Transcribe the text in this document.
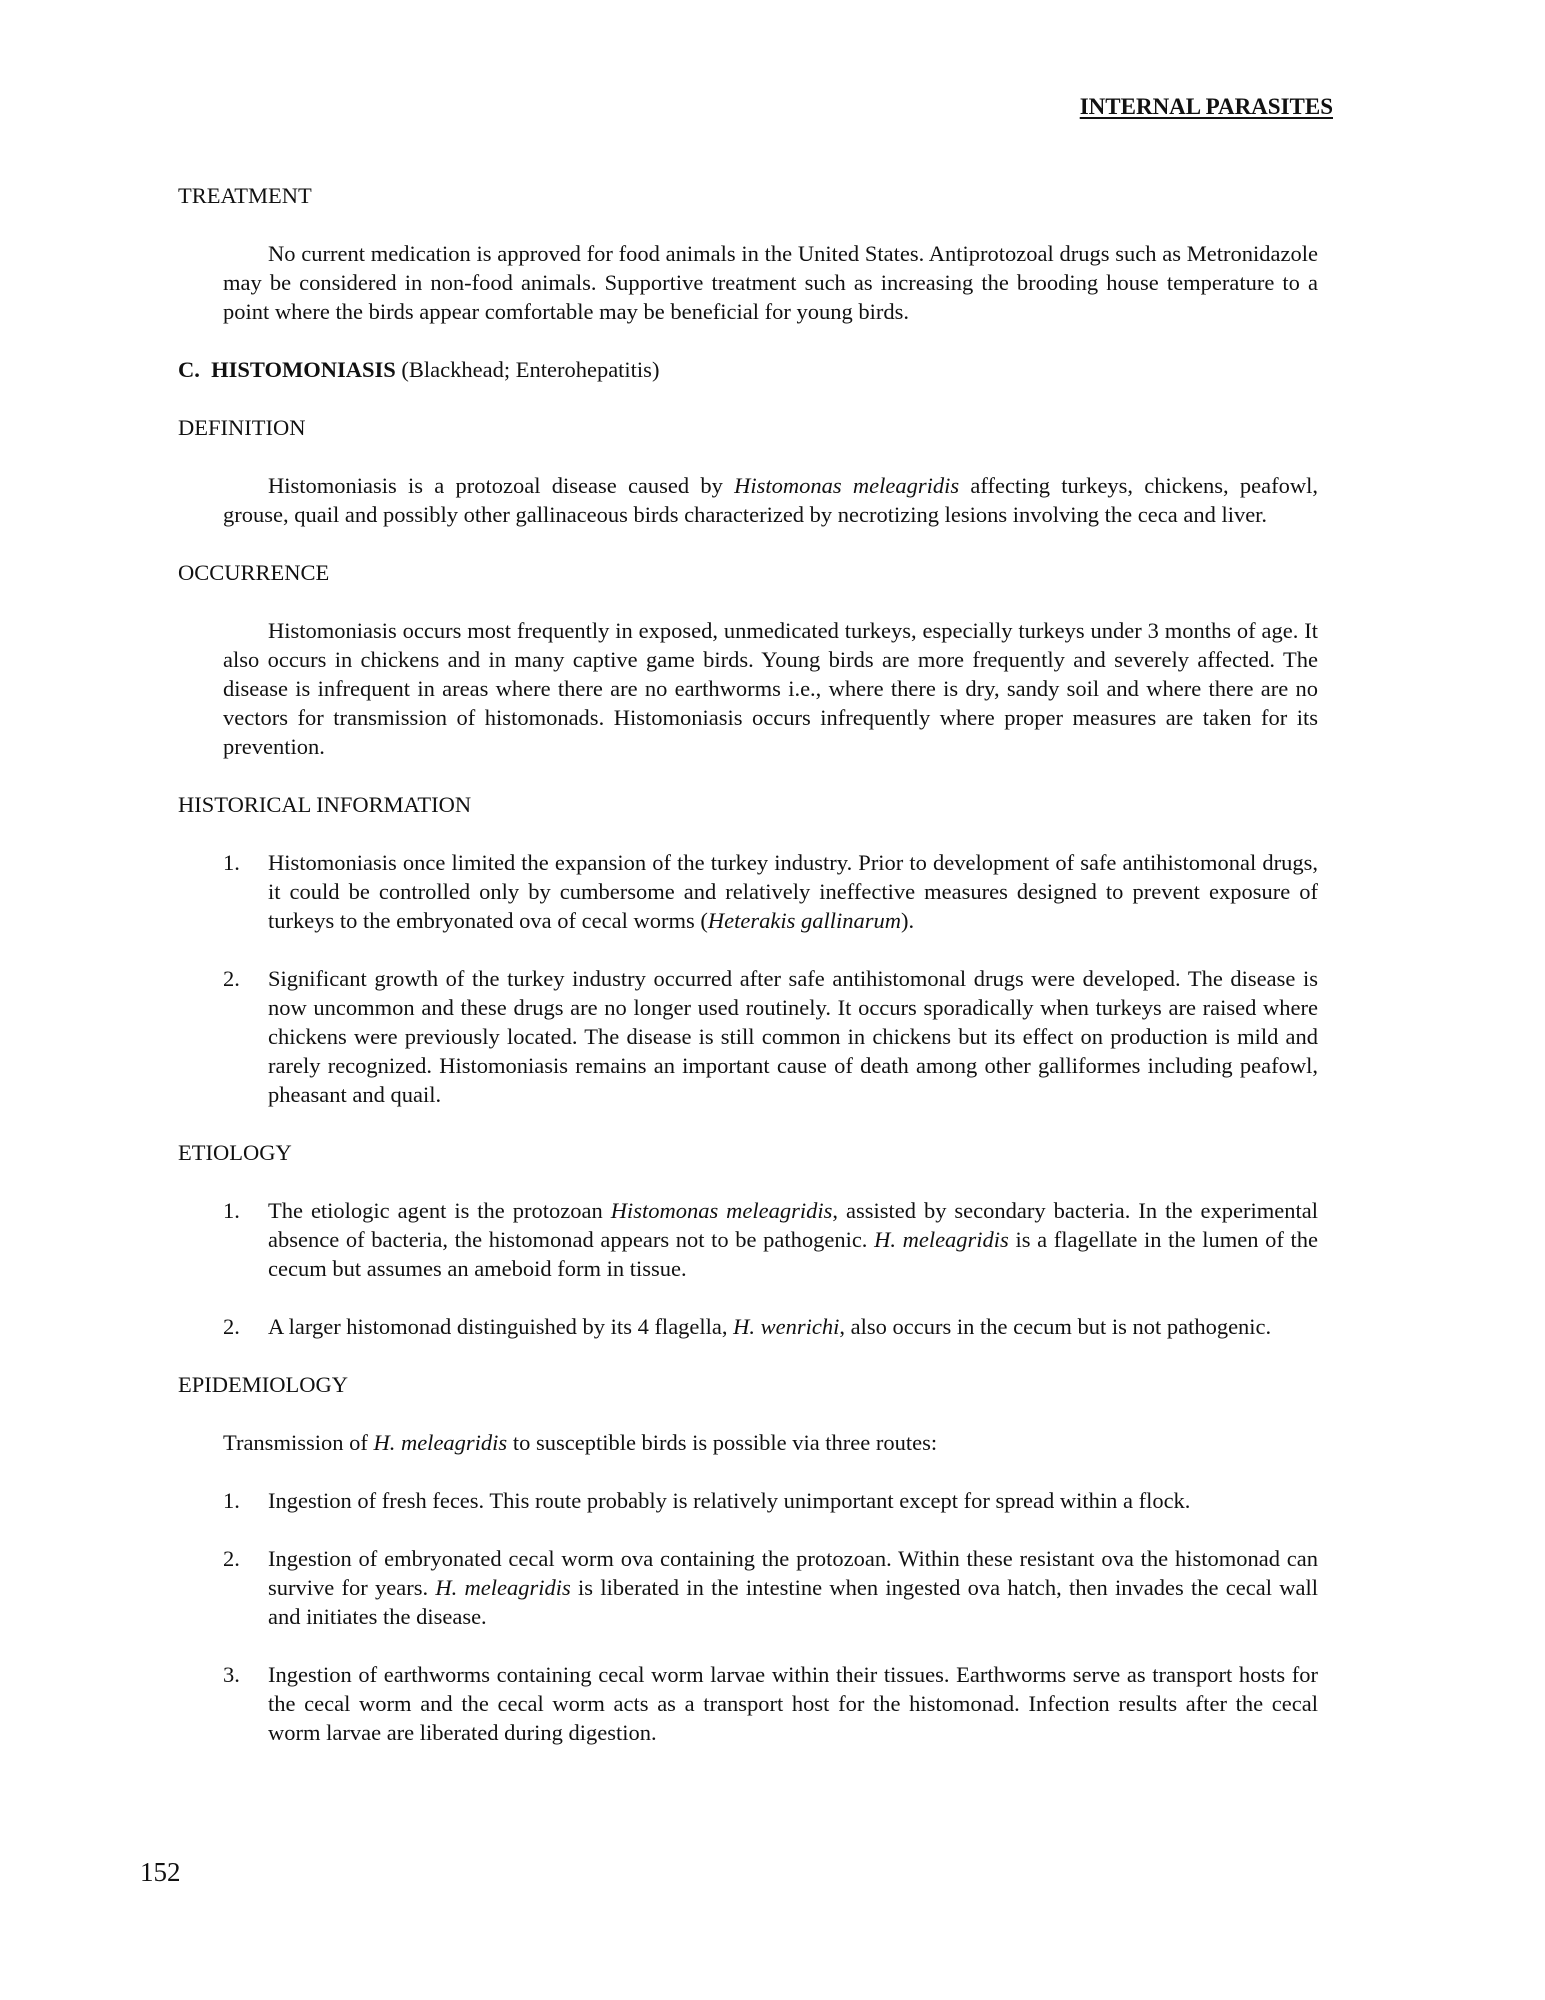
INTERNAL PARASITES
TREATMENT

No current medication is approved for food animals in the United States. Antiprotozoal drugs such as Metronidazole may be considered in non-food animals. Supportive treatment such as increasing the brooding house temperature to a point where the birds appear comfortable may be beneficial for young birds.

C. HISTOMONIASIS (Blackhead; Enterohepatitis)
DEFINITION

Histomoniasis is a protozoal disease caused by Histomonas meleagridis affecting turkeys, chickens, peafowl, grouse, quail and possibly other gallinaceous birds characterized by necrotizing lesions involving the ceca and liver.

OCCURRENCE

Histomoniasis occurs most frequently in exposed, unmedicated turkeys, especially turkeys under 3 months of age. It also occurs in chickens and in many captive game birds. Young birds are more frequently and severely affected. The disease is infrequent in areas where there are no earthworms i.e., where there is dry, sandy soil and where there are no vectors for transmission of histomonads. Histomoniasis occurs infrequently where proper measures are taken for its prevention.

HISTORICAL INFORMATION
1.	Histomoniasis once limited the expansion of the turkey industry. Prior to development of safe antihistomonal drugs, it could be controlled only by cumbersome and relatively ineffective measures designed to prevent exposure of turkeys to the embryonated ova of cecal worms (Heterakis gallinarum).
2.	Significant growth of the turkey industry occurred after safe antihistomonal drugs were developed. The disease is now uncommon and these drugs are no longer used routinely. It occurs sporadically when turkeys are raised where chickens were previously located. The disease is still common in chickens but its effect on production is mild and rarely recognized. Histomoniasis remains an important cause of death among other galliformes including peafowl, pheasant and quail.
ETIOLOGY
1.	The etiologic agent is the protozoan Histomonas meleagridis, assisted by secondary bacteria. In the experimental absence of bacteria, the histomonad appears not to be pathogenic. H. meleagridis is a flagellate in the lumen of the cecum but assumes an ameboid form in tissue.
2.	A larger histomonad distinguished by its 4 flagella, H. wenrichi, also occurs in the cecum but is not pathogenic.
EPIDEMIOLOGY

Transmission of H. meleagridis to susceptible birds is possible via three routes:

1.	Ingestion of fresh feces. This route probably is relatively unimportant except for spread within a flock.
2.	Ingestion of embryonated cecal worm ova containing the protozoan. Within these resistant ova the histomonad can survive for years. H. meleagridis is liberated in the intestine when ingested ova hatch, then invades the cecal wall and initiates the disease.
3.	Ingestion of earthworms containing cecal worm larvae within their tissues. Earthworms serve as transport hosts for the cecal worm and the cecal worm acts as a transport host for the histomonad. Infection results after the cecal worm larvae are liberated during digestion.
152
